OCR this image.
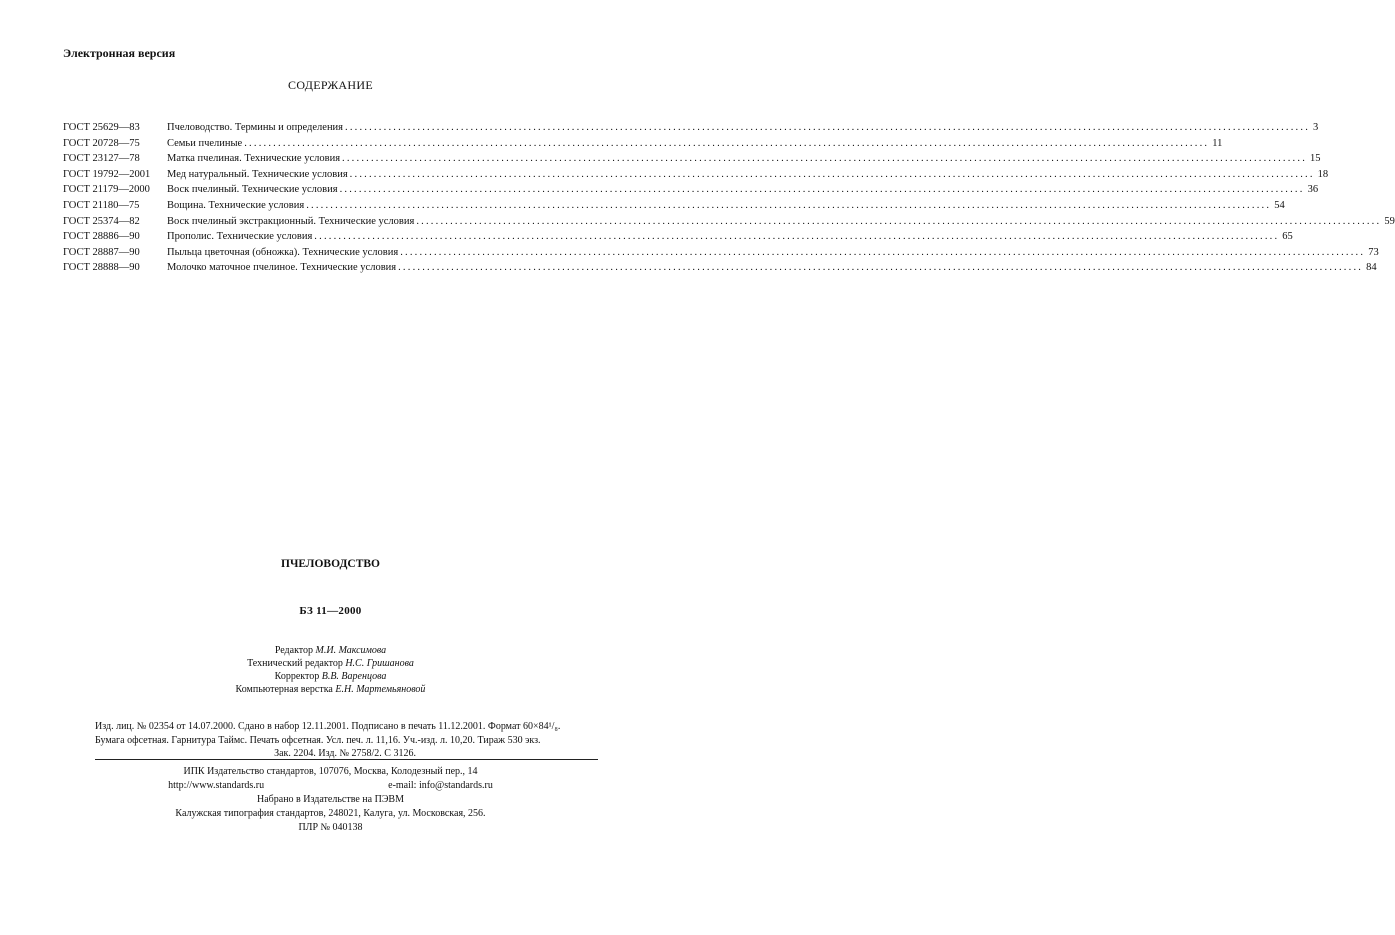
Электронная версия
СОДЕРЖАНИЕ
ГОСТ 25629—83	Пчеловодство. Термины и определения ........................................................................................................................................................................................................ 3
ГОСТ 20728—75	Семьи пчелиные ........................................................................................................................................................................................................ 11
ГОСТ 23127—78	Матка пчелиная. Технические условия ........................................................................................................................................................................................................ 15
ГОСТ 19792—2001	Мед натуральный. Технические условия ........................................................................................................................................................................................................ 18
ГОСТ 21179—2000	Воск пчелиный. Технические условия ........................................................................................................................................................................................................ 36
ГОСТ 21180—75	Вощина. Технические условия ........................................................................................................................................................................................................ 54
ГОСТ 25374—82	Воск пчелиный экстракционный. Технические условия ........................................................................................................................................................................................................ 59
ГОСТ 28886—90	Прополис. Технические условия ........................................................................................................................................................................................................ 65
ГОСТ 28887—90	Пыльца цветочная (обножка). Технические условия ........................................................................................................................................................................................................ 73
ГОСТ 28888—90	Молочко маточное пчелиное. Технические условия ........................................................................................................................................................................................................ 84
ПЧЕЛОВОДСТВО
БЗ 11—2000
Редактор М.И. Максимова
Технический редактор Н.С. Гришанова
Корректор В.В. Варенцова
Компьютерная верстка Е.Н. Мартемьяновой
Изд. лиц. № 02354 от 14.07.2000. Сдано в набор 12.11.2001. Подписано в печать 11.12.2001. Формат 60×84¹/₈.
Бумага офсетная. Гарнитура Таймс. Печать офсетная. Усл. печ. л. 11,16. Уч.-изд. л. 10,20. Тираж 530 экз.
Зак. 2204. Изд. № 2758/2. С 3126.
ИПК Издательство стандартов, 107076, Москва, Колодезный пер., 14
http://www.standards.ru	e-mail: info@standards.ru
Набрано в Издательстве на ПЭВМ
Калужская типография стандартов, 248021, Калуга, ул. Московская, 256.
ПЛР № 040138
